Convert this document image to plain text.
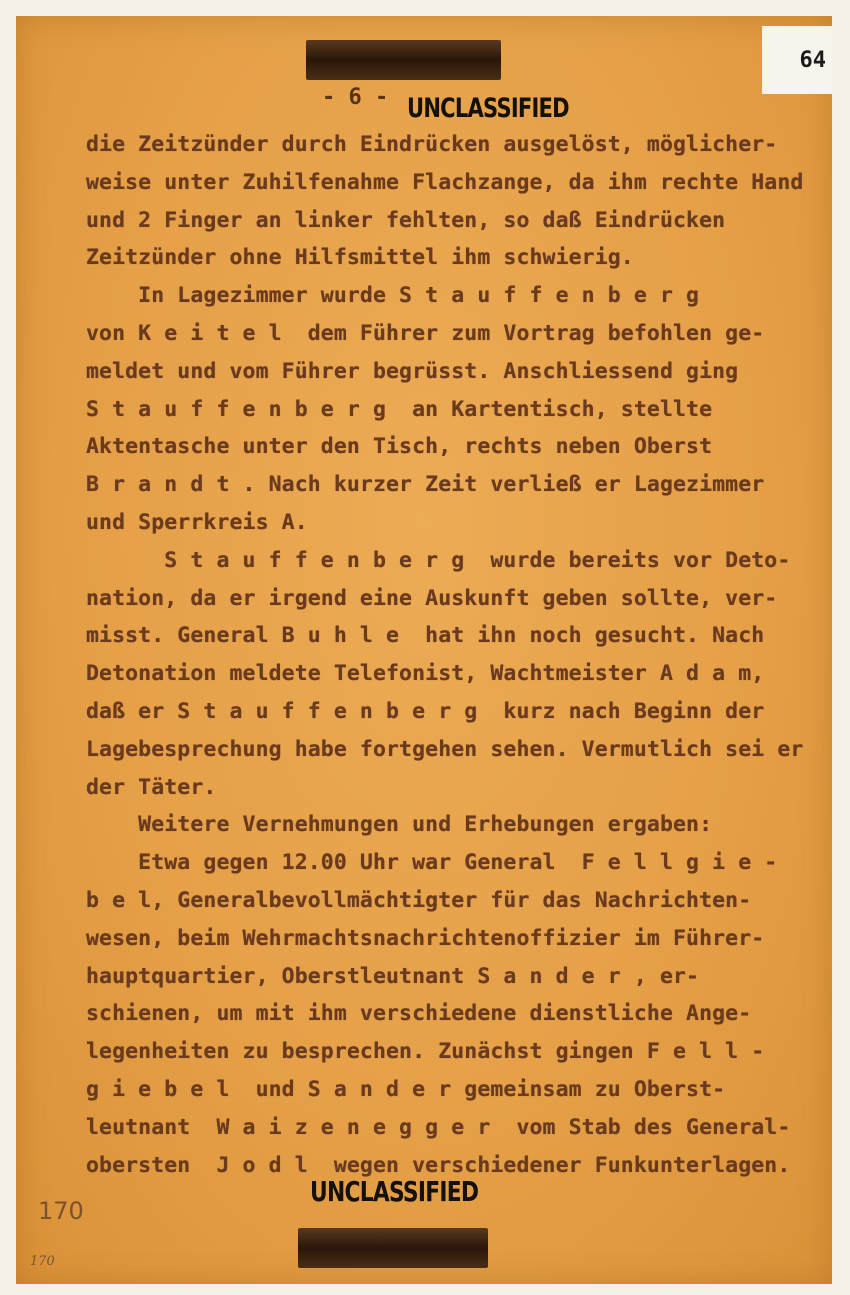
64
- 6 - UNCLASSIFIED
die Zeitzünder durch Eindrücken ausgelöst, möglicher-
weise unter Zuhilfenahme Flachzange, da ihm rechte Hand
und 2 Finger an linker fehlten, so daß Eindrücken
Zeitzünder ohne Hilfsmittel ihm schwierig.
In Lagezimmer wurde S t a u f f e n b e r g
von K e i t e l  dem Führer zum Vortrag befohlen ge-
meldet und vom Führer begrüsst. Anschliessend ging
S t a u f f e n b e r g  an Kartentisch, stellte
Aktentasche unter den Tisch, rechts neben Oberst
B r a n d t . Nach kurzer Zeit verließ er Lagezimmer
und Sperrkreis A.
S t a u f f e n b e r g  wurde bereits vor Deto-
nation, da er irgend eine Auskunft geben sollte, ver-
misst. General B u h l e  hat ihn noch gesucht. Nach
Detonation meldete Telefonist, Wachtmeister A d a m,
daß er S t a u f f e n b e r g  kurz nach Beginn der
Lagebesprechung habe fortgehen sehen. Vermutlich sei er
der Täter.
Weitere Vernehmungen und Erhebungen ergaben:
Etwa gegen 12.00 Uhr war General  F e l l g i e -
b e l, Generalbevollmächtigter für das Nachrichten-
wesen, beim Wehrmachtsnachrichtenoffizier im Führer-
hauptquartier, Oberstleutnant S a n d e r , er-
schienen, um mit ihm verschiedene dienstliche Ange-
legenheiten zu besprechen. Zunächst gingen F e l l -
g i e b e l  und S a n d e r gemeinsam zu Oberst-
leutnant  W a i z e n e g g e r  vom Stab des General-
obersten  J o d l  wegen verschiedener Funkunterlagen.
UNCLASSIFIED
170
170
